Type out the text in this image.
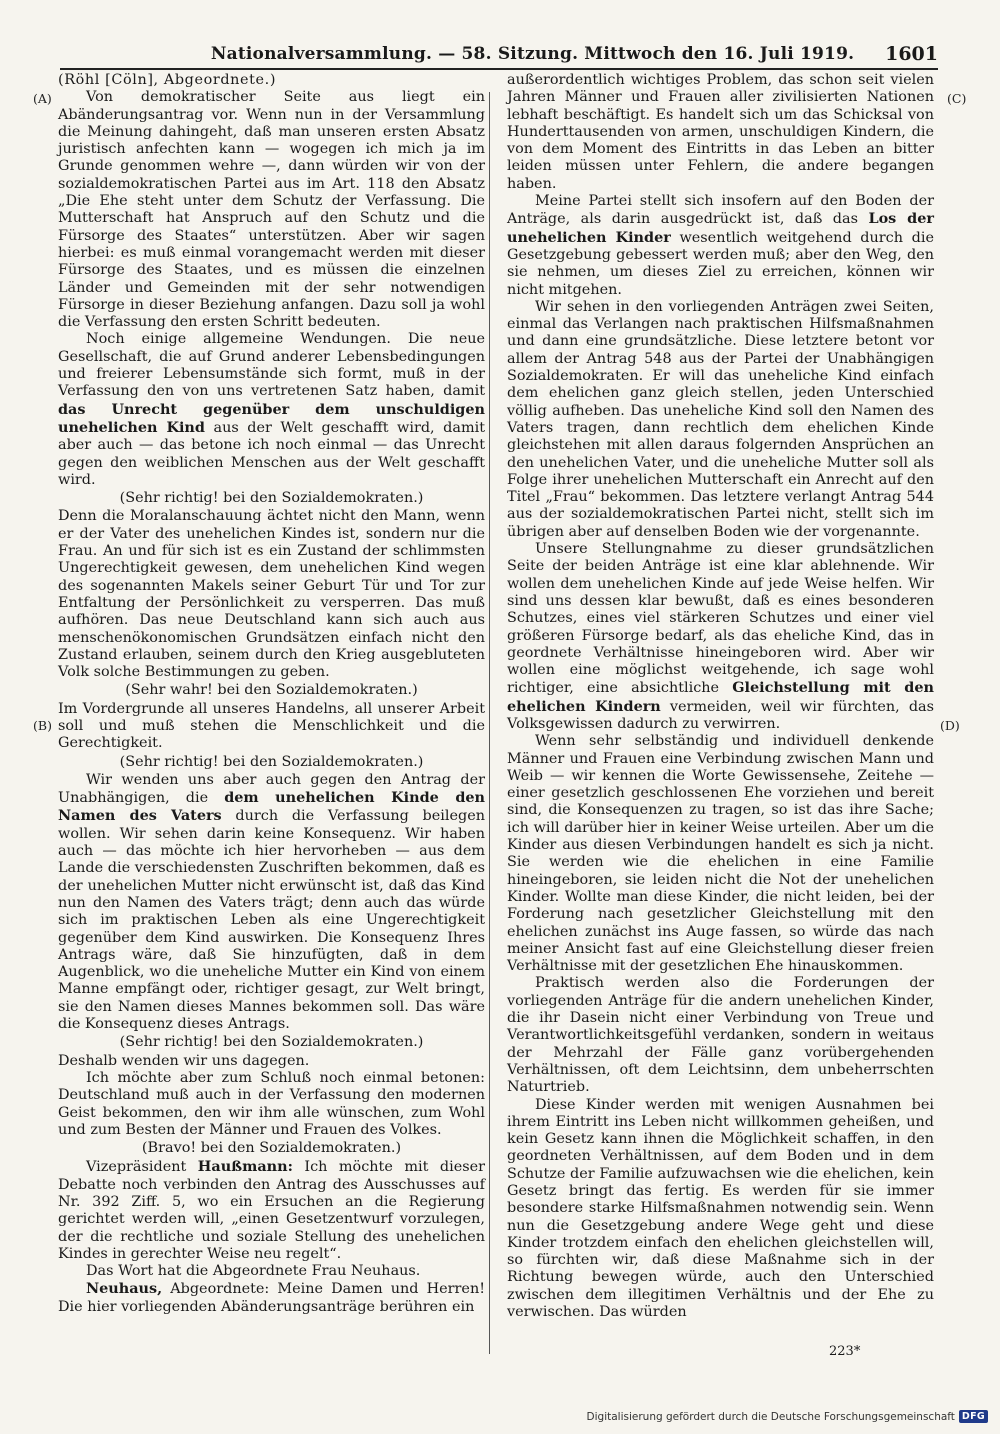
Nationalversammlung. — 58. Sitzung. Mittwoch den 16. Juli 1919.	1601
(A)
(B)
(C)
(D)

(Röhl [Cöln], Abgeordnete.)

Von demokratischer Seite aus liegt ein Abänderungsantrag vor. Wenn nun in der Versammlung die Meinung dahingeht, daß man unseren ersten Absatz juristisch anfechten kann — wogegen ich mich ja im Grunde genommen wehre —, dann würden wir von der sozialdemokratischen Partei aus im Art. 118 den Absatz „Die Ehe steht unter dem Schutz der Verfassung. Die Mutterschaft hat Anspruch auf den Schutz und die Fürsorge des Staates“ unterstützen. Aber wir sagen hierbei: es muß einmal vorangemacht werden mit dieser Fürsorge des Staates, und es müssen die einzelnen Länder und Gemeinden mit der sehr notwendigen Fürsorge in dieser Beziehung anfangen. Dazu soll ja wohl die Verfassung den ersten Schritt bedeuten.

Noch einige allgemeine Wendungen. Die neue Gesellschaft, die auf Grund anderer Lebensbedingungen und freierer Lebensumstände sich formt, muß in der Verfassung den von uns vertretenen Satz haben, damit das Unrecht gegenüber dem unschuldigen unehelichen Kind aus der Welt geschafft wird, damit aber auch — das betone ich noch einmal — das Unrecht gegen den weiblichen Menschen aus der Welt geschafft wird.

(Sehr richtig! bei den Sozialdemokraten.)

Denn die Moralanschauung ächtet nicht den Mann, wenn er der Vater des unehelichen Kindes ist, sondern nur die Frau. An und für sich ist es ein Zustand der schlimmsten Ungerechtigkeit gewesen, dem unehelichen Kind wegen des sogenannten Makels seiner Geburt Tür und Tor zur Entfaltung der Persönlichkeit zu versperren. Das muß aufhören. Das neue Deutschland kann sich auch aus menschenökonomischen Grundsätzen einfach nicht den Zustand erlauben, seinem durch den Krieg ausgebluteten Volk solche Bestimmungen zu geben.

(Sehr wahr! bei den Sozialdemokraten.)

Im Vordergrunde all unseres Handelns, all unserer Arbeit soll und muß stehen die Menschlichkeit und die Gerechtigkeit.

(Sehr richtig! bei den Sozialdemokraten.)

Wir wenden uns aber auch gegen den Antrag der Unabhängigen, die dem unehelichen Kinde den Namen des Vaters durch die Verfassung beilegen wollen. Wir sehen darin keine Konsequenz. Wir haben auch — das möchte ich hier hervorheben — aus dem Lande die verschiedensten Zuschriften bekommen, daß es der unehelichen Mutter nicht erwünscht ist, daß das Kind nun den Namen des Vaters trägt; denn auch das würde sich im praktischen Leben als eine Ungerechtigkeit gegenüber dem Kind auswirken. Die Konsequenz Ihres Antrags wäre, daß Sie hinzufügten, daß in dem Augenblick, wo die uneheliche Mutter ein Kind von einem Manne empfängt oder, richtiger gesagt, zur Welt bringt, sie den Namen dieses Mannes bekommen soll. Das wäre die Konsequenz dieses Antrags.

(Sehr richtig! bei den Sozialdemokraten.)

Deshalb wenden wir uns dagegen.

Ich möchte aber zum Schluß noch einmal betonen: Deutschland muß auch in der Verfassung den modernen Geist bekommen, den wir ihm alle wünschen, zum Wohl und zum Besten der Männer und Frauen des Volkes.

(Bravo! bei den Sozialdemokraten.)

Vizepräsident Haußmann: Ich möchte mit dieser Debatte noch verbinden den Antrag des Ausschusses auf Nr. 392 Ziff. 5, wo ein Ersuchen an die Regierung gerichtet werden will, „einen Gesetzentwurf vorzulegen, der die rechtliche und soziale Stellung des unehelichen Kindes in gerechter Weise neu regelt“.

Das Wort hat die Abgeordnete Frau Neuhaus.

Neuhaus, Abgeordnete: Meine Damen und Herren! Die hier vorliegenden Abänderungsanträge berühren ein

außerordentlich wichtiges Problem, das schon seit vielen Jahren Männer und Frauen aller zivilisierten Nationen lebhaft beschäftigt. Es handelt sich um das Schicksal von Hunderttausenden von armen, unschuldigen Kindern, die von dem Moment des Eintritts in das Leben an bitter leiden müssen unter Fehlern, die andere begangen haben.

Meine Partei stellt sich insofern auf den Boden der Anträge, als darin ausgedrückt ist, daß das Los der unehelichen Kinder wesentlich weitgehend durch die Gesetzgebung gebessert werden muß; aber den Weg, den sie nehmen, um dieses Ziel zu erreichen, können wir nicht mitgehen.

Wir sehen in den vorliegenden Anträgen zwei Seiten, einmal das Verlangen nach praktischen Hilfsmaßnahmen und dann eine grundsätzliche. Diese letztere betont vor allem der Antrag 548 aus der Partei der Unabhängigen Sozialdemokraten. Er will das uneheliche Kind einfach dem ehelichen ganz gleich stellen, jeden Unterschied völlig aufheben. Das uneheliche Kind soll den Namen des Vaters tragen, dann rechtlich dem ehelichen Kinde gleichstehen mit allen daraus folgernden Ansprüchen an den unehelichen Vater, und die uneheliche Mutter soll als Folge ihrer unehelichen Mutterschaft ein Anrecht auf den Titel „Frau“ bekommen. Das letztere verlangt Antrag 544 aus der sozialdemokratischen Partei nicht, stellt sich im übrigen aber auf denselben Boden wie der vorgenannte.

Unsere Stellungnahme zu dieser grundsätzlichen Seite der beiden Anträge ist eine klar ablehnende. Wir wollen dem unehelichen Kinde auf jede Weise helfen. Wir sind uns dessen klar bewußt, daß es eines besonderen Schutzes, eines viel stärkeren Schutzes und einer viel größeren Fürsorge bedarf, als das eheliche Kind, das in geordnete Verhältnisse hineingeboren wird. Aber wir wollen eine möglichst weitgehende, ich sage wohl richtiger, eine absichtliche Gleichstellung mit den ehelichen Kindern vermeiden, weil wir fürchten, das Volksgewissen dadurch zu verwirren.

Wenn sehr selbständig und individuell denkende Männer und Frauen eine Verbindung zwischen Mann und Weib — wir kennen die Worte Gewissensehe, Zeitehe — einer gesetzlich geschlossenen Ehe vorziehen und bereit sind, die Konsequenzen zu tragen, so ist das ihre Sache; ich will darüber hier in keiner Weise urteilen. Aber um die Kinder aus diesen Verbindungen handelt es sich ja nicht. Sie werden wie die ehelichen in eine Familie hineingeboren, sie leiden nicht die Not der unehelichen Kinder. Wollte man diese Kinder, die nicht leiden, bei der Forderung nach gesetzlicher Gleichstellung mit den ehelichen zunächst ins Auge fassen, so würde das nach meiner Ansicht fast auf eine Gleichstellung dieser freien Verhältnisse mit der gesetzlichen Ehe hinauskommen.

Praktisch werden also die Forderungen der vorliegenden Anträge für die andern unehelichen Kinder, die ihr Dasein nicht einer Verbindung von Treue und Verantwortlichkeitsgefühl verdanken, sondern in weitaus der Mehrzahl der Fälle ganz vorübergehenden Verhältnissen, oft dem Leichtsinn, dem unbeherrschten Naturtrieb.

Diese Kinder werden mit wenigen Ausnahmen bei ihrem Eintritt ins Leben nicht willkommen geheißen, und kein Gesetz kann ihnen die Möglichkeit schaffen, in den geordneten Verhältnissen, auf dem Boden und in dem Schutze der Familie aufzuwachsen wie die ehelichen, kein Gesetz bringt das fertig. Es werden für sie immer besondere starke Hilfsmaßnahmen notwendig sein. Wenn nun die Gesetzgebung andere Wege geht und diese Kinder trotzdem einfach den ehelichen gleichstellen will, so fürchten wir, daß diese Maßnahme sich in der Richtung bewegen würde, auch den Unterschied zwischen dem illegitimen Verhältnis und der Ehe zu verwischen. Das würden

223*
Digitalisierung gefördert durch die Deutsche Forschungsgemeinschaft DFG
